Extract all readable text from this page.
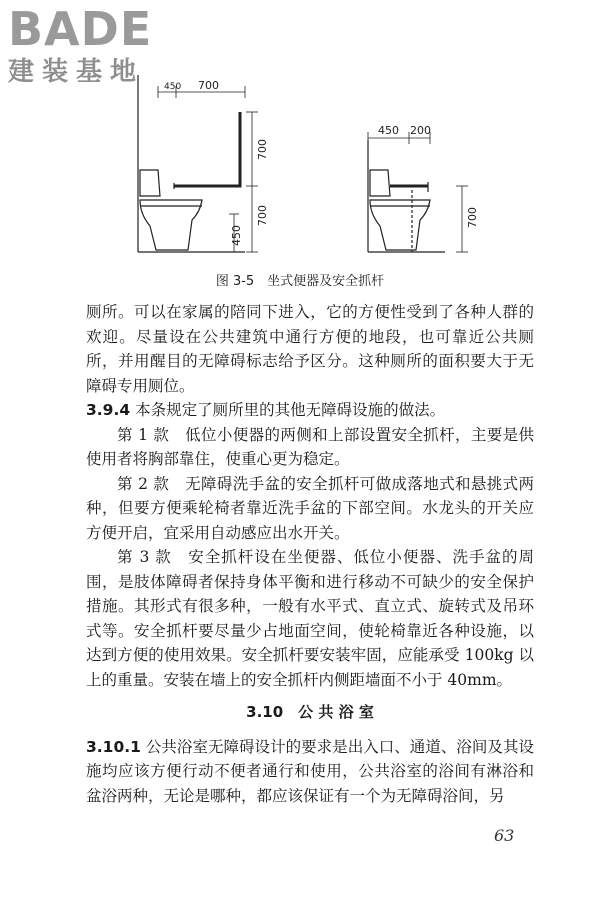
BADE
建装基地	450 700
700
700
450
450 200
700
图 3-5　坐式便器及安全抓杆

厕所。可以在家属的陪同下进入，它的方便性受到了各种人群的欢迎。尽量设在公共建筑中通行方便的地段，也可靠近公共厕所，并用醒目的无障碍标志给予区分。这种厕所的面积要大于无障碍专用厕位。

3.9.4 本条规定了厕所里的其他无障碍设施的做法。

第 1 款　低位小便器的两侧和上部设置安全抓杆，主要是供使用者将胸部靠住，使重心更为稳定。

第 2 款　无障碍洗手盆的安全抓杆可做成落地式和悬挑式两种，但要方便乘轮椅者靠近洗手盆的下部空间。水龙头的开关应方便开启，宜采用自动感应出水开关。

第 3 款　安全抓杆设在坐便器、低位小便器、洗手盆的周围，是肢体障碍者保持身体平衡和进行移动不可缺少的安全保护措施。其形式有很多种，一般有水平式、直立式、旋转式及吊环式等。安全抓杆要尽量少占地面空间，使轮椅靠近各种设施，以达到方便的使用效果。安全抓杆要安装牢固，应能承受 100kg 以上的重量。安装在墙上的安全抓杆内侧距墙面不小于 40mm。

3.10　公 共 浴 室

3.10.1 公共浴室无障碍设计的要求是出入口、通道、浴间及其设施均应该方便行动不便者通行和使用，公共浴室的浴间有淋浴和盆浴两种，无论是哪种，都应该保证有一个为无障碍浴间，另

63
